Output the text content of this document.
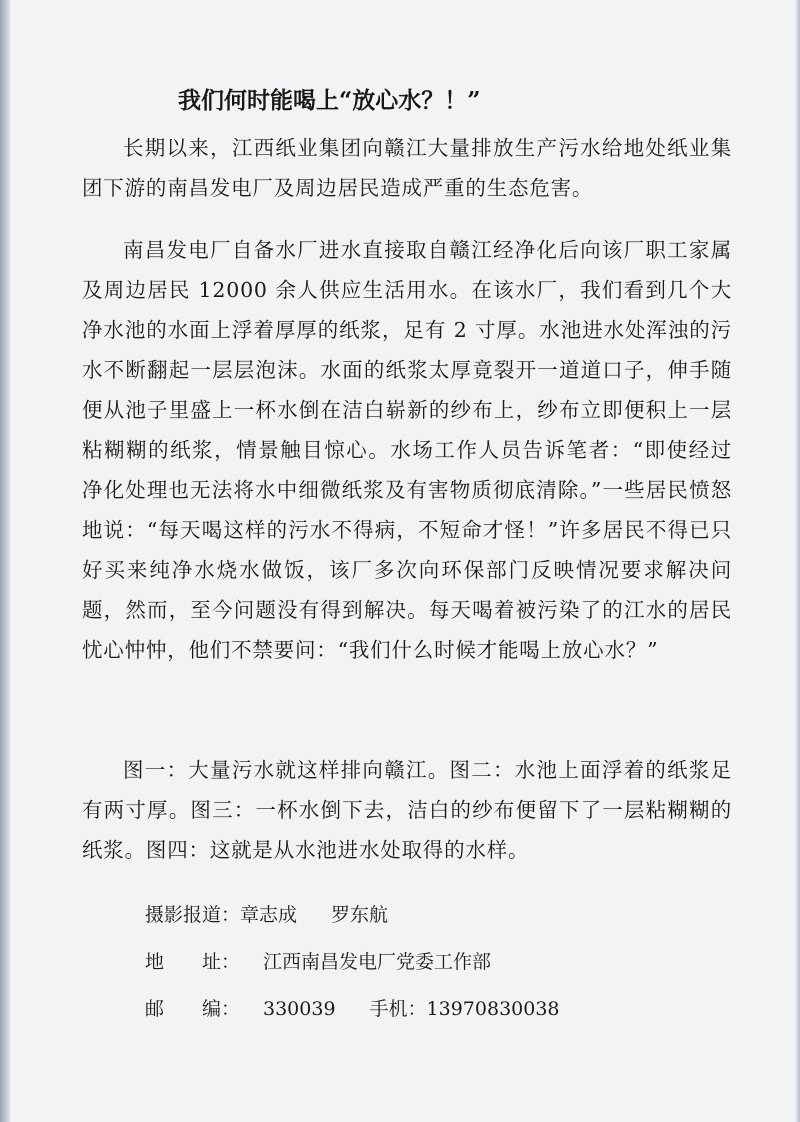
我们何时能喝上“放心水？！”

长期以来，江西纸业集团向赣江大量排放生产污水给地处纸业集团下游的南昌发电厂及周边居民造成严重的生态危害。

南昌发电厂自备水厂进水直接取自赣江经净化后向该厂职工家属及周边居民 12000 余人供应生活用水。在该水厂，我们看到几个大净水池的水面上浮着厚厚的纸浆，足有 2 寸厚。水池进水处浑浊的污水不断翻起一层层泡沫。水面的纸浆太厚竟裂开一道道口子，伸手随便从池子里盛上一杯水倒在洁白崭新的纱布上，纱布立即便积上一层粘糊糊的纸浆，情景触目惊心。水场工作人员告诉笔者：“即使经过净化处理也无法将水中细微纸浆及有害物质彻底清除。”一些居民愤怒地说：“每天喝这样的污水不得病，不短命才怪！”许多居民不得已只好买来纯净水烧水做饭，该厂多次向环保部门反映情况要求解决问题，然而，至今问题没有得到解决。每天喝着被污染了的江水的居民忧心忡忡，他们不禁要问：“我们什么时候才能喝上放心水？”

图一：大量污水就这样排向赣江。图二：水池上面浮着的纸浆足有两寸厚。图三：一杯水倒下去，洁白的纱布便留下了一层粘糊糊的纸浆。图四：这就是从水池进水处取得的水样。

摄影报道：章志成 罗东航
地　　址： 江西南昌发电厂党委工作部
邮　　编： 330039 手机：13970830038
